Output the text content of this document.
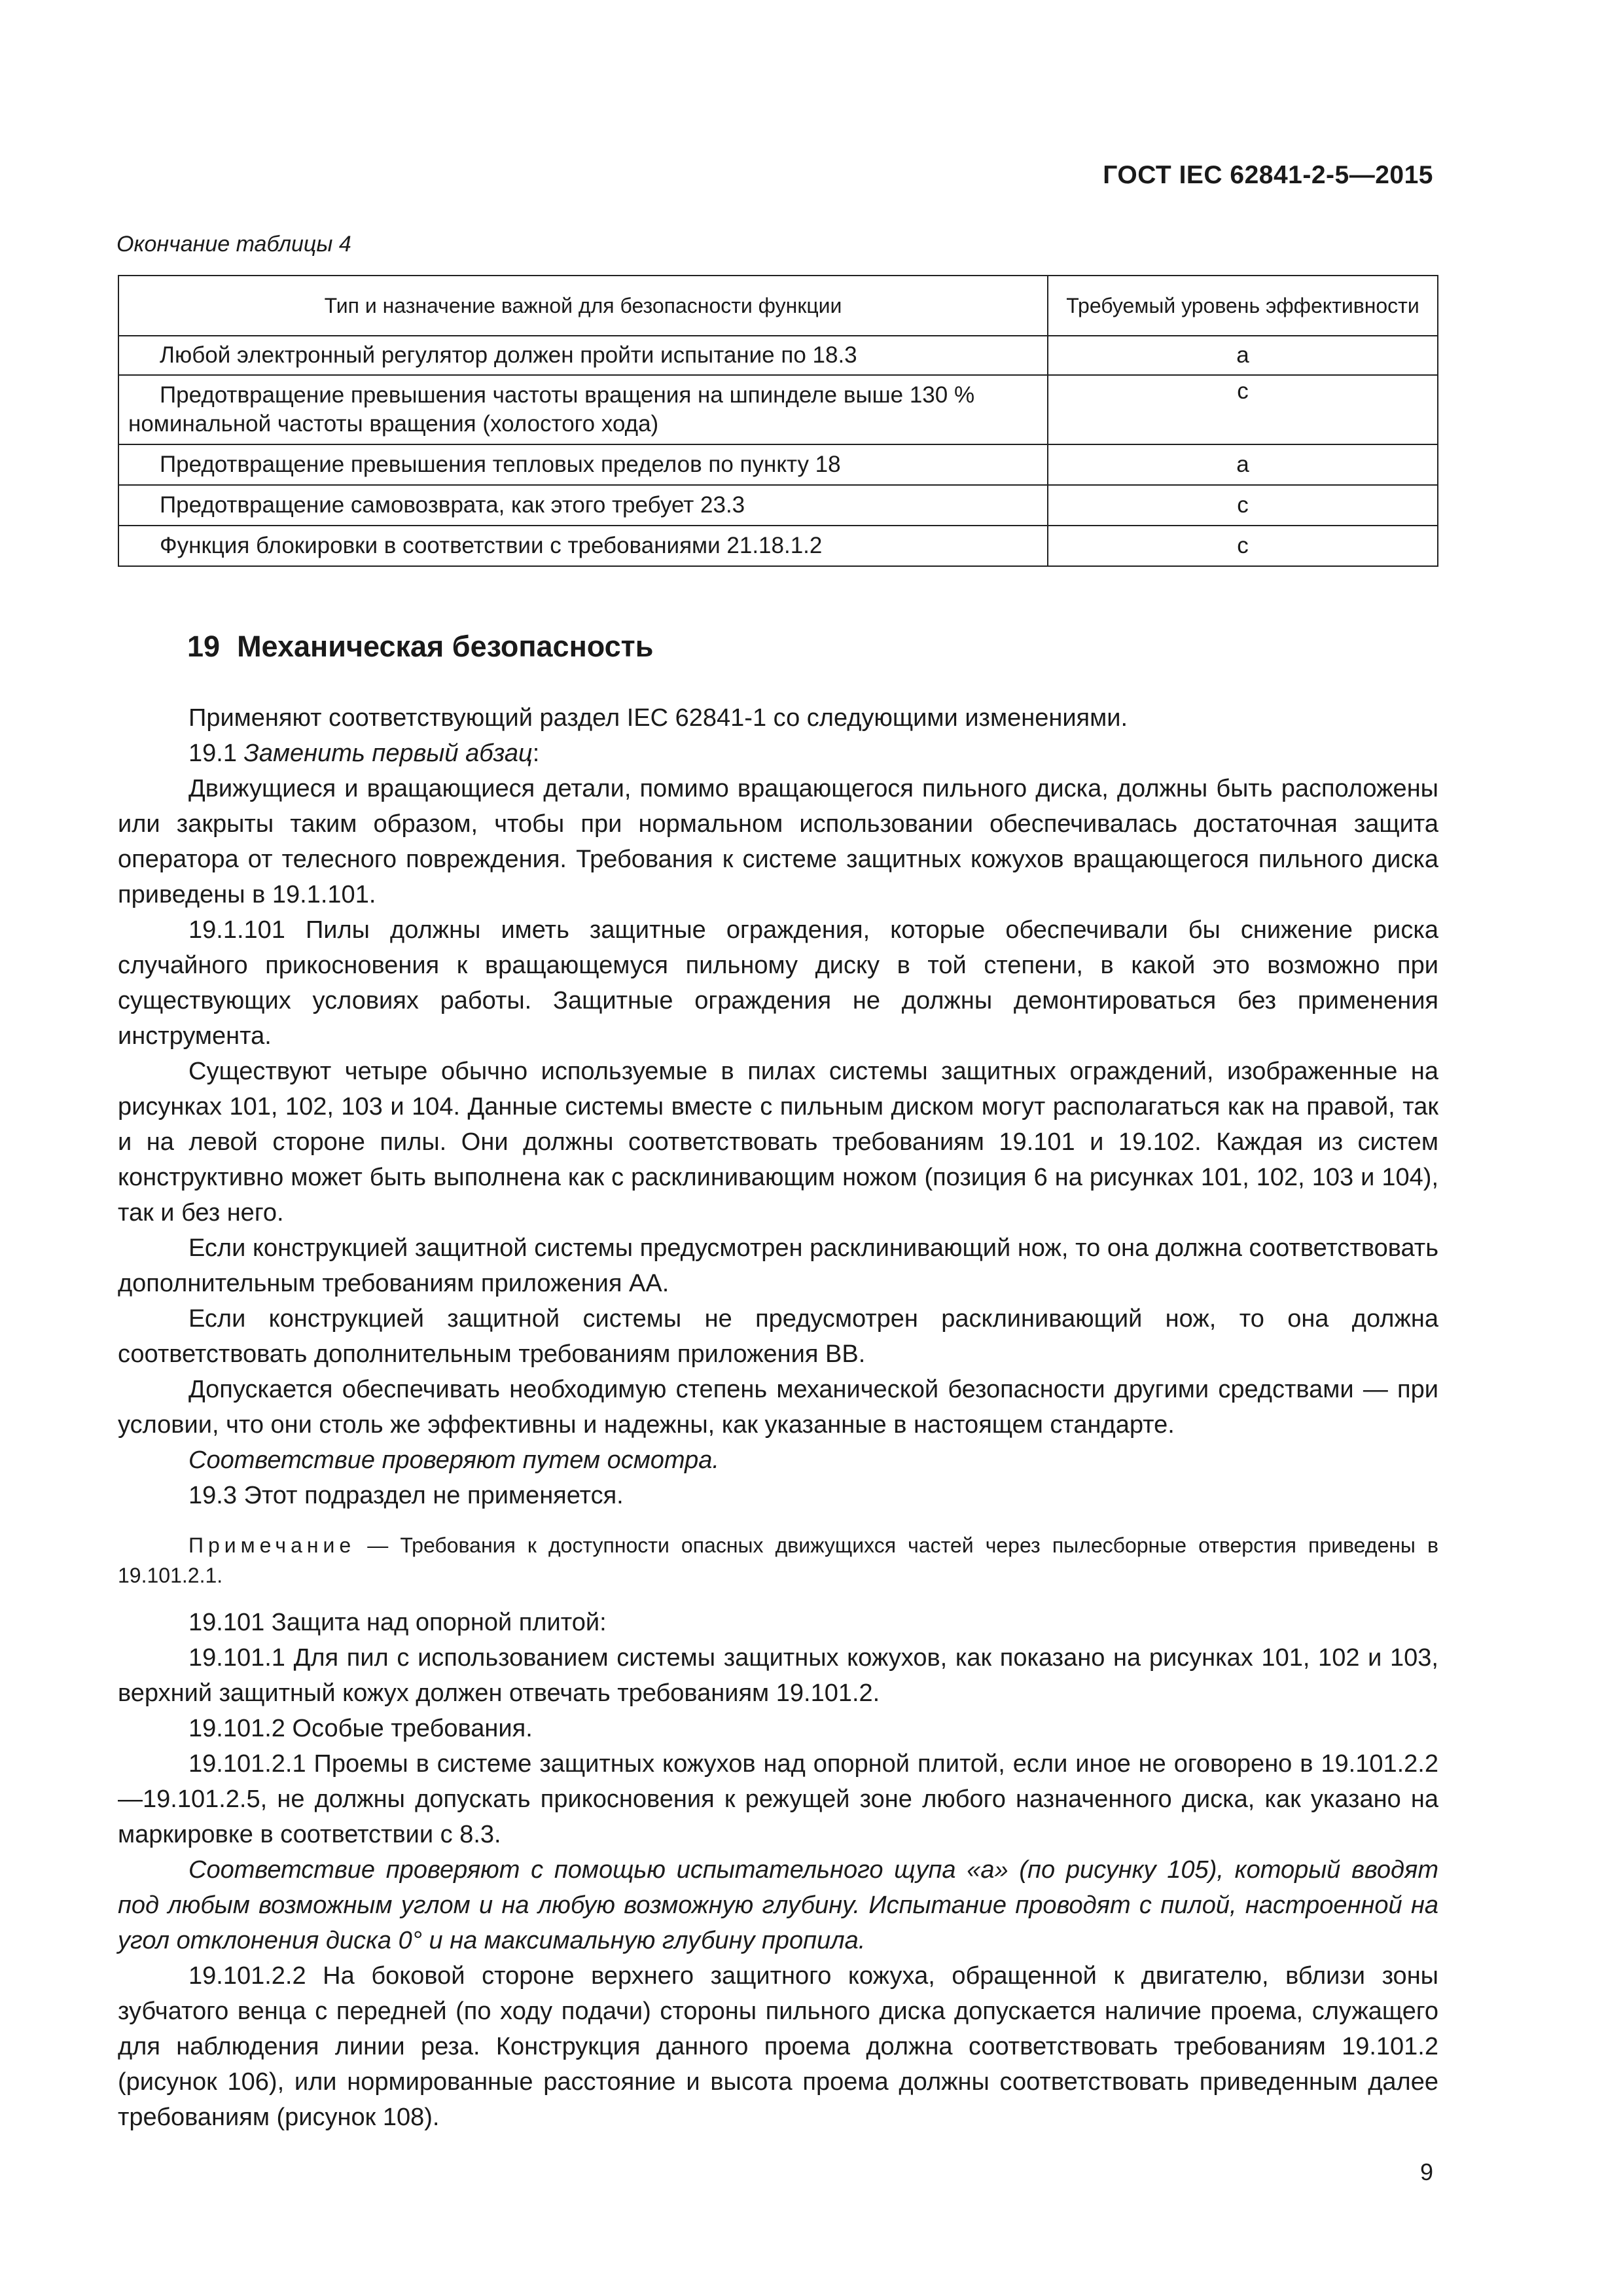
ГОСТ IEC 62841-2-5—2015
Окончание таблицы 4
Тип и назначение важной для безопасности функции	Требуемый уровень эффективности
Любой электронный регулятор должен пройти испытание по 18.3	a
Предотвращение превышения частоты вращения на шпинделе выше 130 % номинальной частоты вращения (холостого хода)	c
Предотвращение превышения тепловых пределов по пункту 18	a
Предотвращение самовозврата, как этого требует 23.3	c
Функция блокировки в соответствии с требованиями 21.18.1.2	c
19 Механическая безопасность

Применяют соответствующий раздел IEC 62841-1 со следующими изменениями.

19.1 Заменить первый абзац:

Движущиеся и вращающиеся детали, помимо вращающегося пильного диска, должны быть расположены или закрыты таким образом, чтобы при нормальном использовании обеспечивалась достаточная защита оператора от телесного повреждения. Требования к системе защитных кожухов вращающегося пильного диска приведены в 19.1.101.

19.1.101 Пилы должны иметь защитные ограждения, которые обеспечивали бы снижение риска случайного прикосновения к вращающемуся пильному диску в той степени, в какой это возможно при существующих условиях работы. Защитные ограждения не должны демонтироваться без применения инструмента.

Существуют четыре обычно используемые в пилах системы защитных ограждений, изображенные на рисунках 101, 102, 103 и 104. Данные системы вместе с пильным диском могут располагаться как на правой, так и на левой стороне пилы. Они должны соответствовать требованиям 19.101 и 19.102. Каждая из систем конструктивно может быть выполнена как с расклинивающим ножом (позиция 6 на рисунках 101, 102, 103 и 104), так и без него.

Если конструкцией защитной системы предусмотрен расклинивающий нож, то она должна соответствовать дополнительным требованиям приложения АА.

Если конструкцией защитной системы не предусмотрен расклинивающий нож, то она должна соответствовать дополнительным требованиям приложения ВВ.

Допускается обеспечивать необходимую степень механической безопасности другими средствами — при условии, что они столь же эффективны и надежны, как указанные в настоящем стандарте.

Соответствие проверяют путем осмотра.

19.3 Этот подраздел не применяется.

Примечание — Требования к доступности опасных движущихся частей через пылесборные отверстия приведены в 19.101.2.1.

19.101 Защита над опорной плитой:

19.101.1 Для пил с использованием системы защитных кожухов, как показано на рисунках 101, 102 и 103, верхний защитный кожух должен отвечать требованиям 19.101.2.

19.101.2 Особые требования.

19.101.2.1 Проемы в системе защитных кожухов над опорной плитой, если иное не оговорено в 19.101.2.2—19.101.2.5, не должны допускать прикосновения к режущей зоне любого назначенного диска, как указано на маркировке в соответствии с 8.3.

Соответствие проверяют с помощью испытательного щупа «а» (по рисунку 105), который вводят под любым возможным углом и на любую возможную глубину. Испытание проводят с пилой, настроенной на угол отклонения диска 0° и на максимальную глубину пропила.

19.101.2.2 На боковой стороне верхнего защитного кожуха, обращенной к двигателю, вблизи зоны зубчатого венца с передней (по ходу подачи) стороны пильного диска допускается наличие проема, служащего для наблюдения линии реза. Конструкция данного проема должна соответствовать требованиям 19.101.2 (рисунок 106), или нормированные расстояние и высота проема должны соответствовать приведенным далее требованиям (рисунок 108).

9
